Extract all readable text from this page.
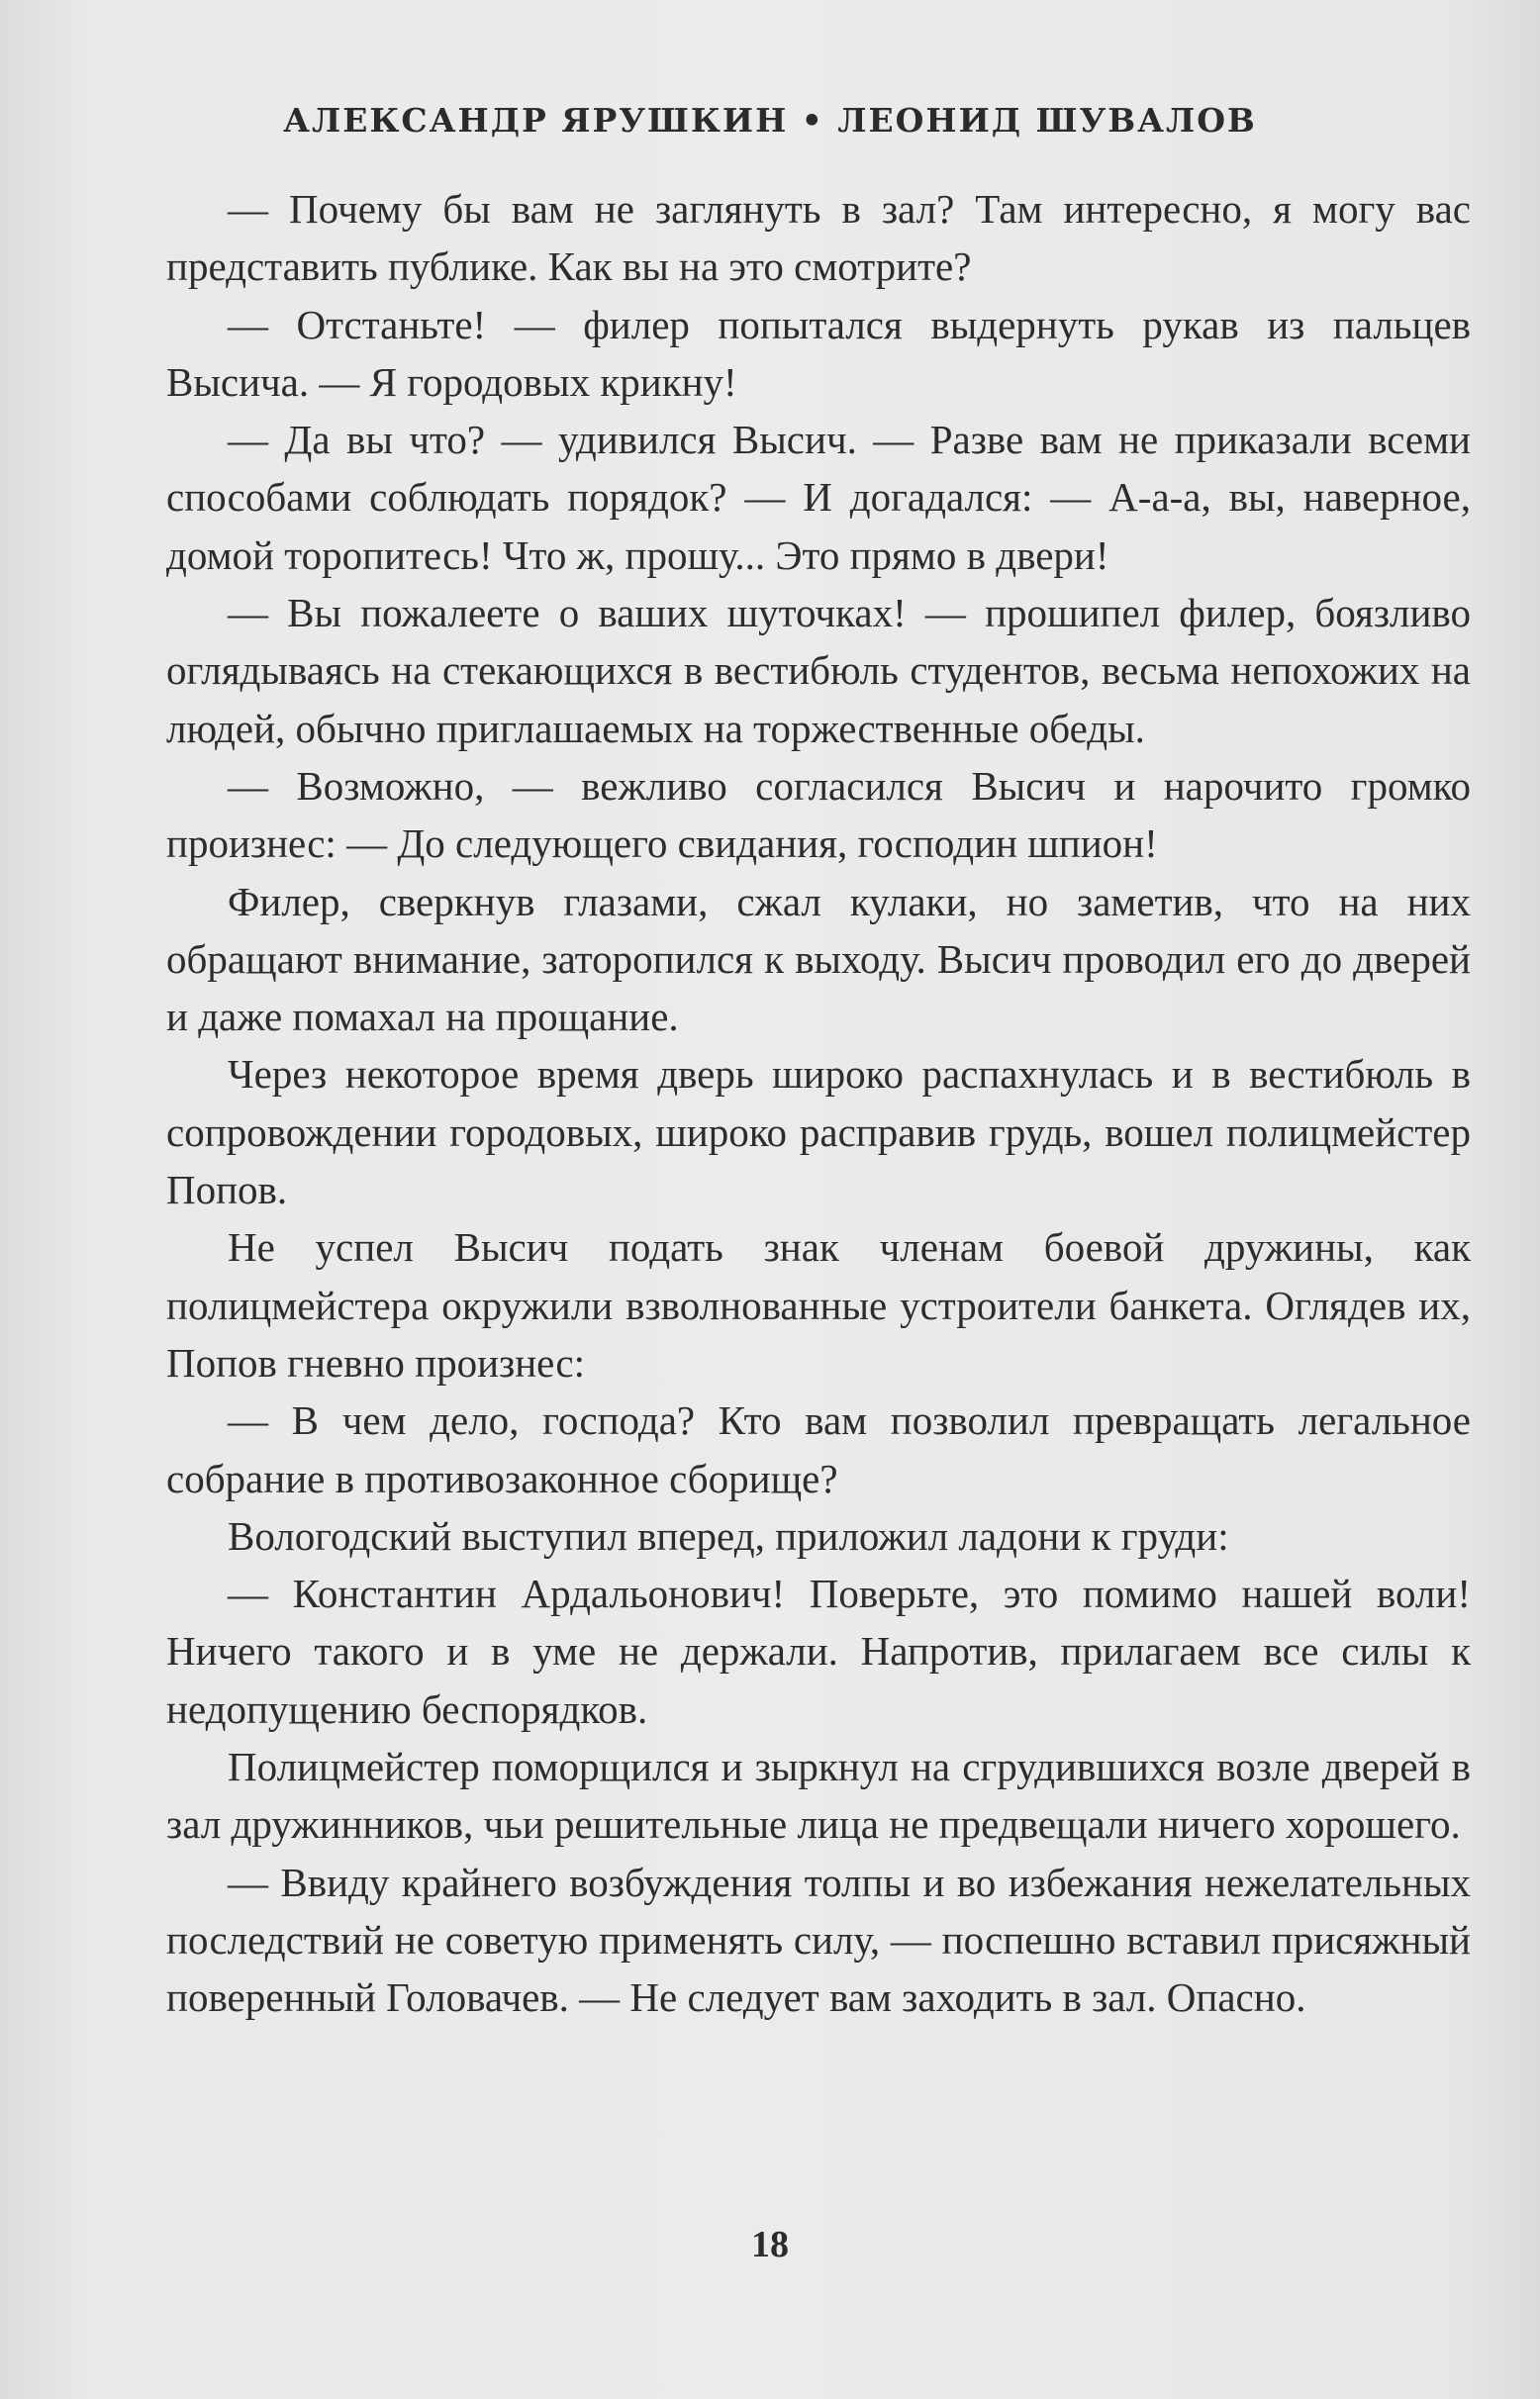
АЛЕКСАНДР ЯРУШКИН • ЛЕОНИД ШУВАЛОВ

— Почему бы вам не заглянуть в зал? Там интересно, я могу вас представить публике. Как вы на это смотрите?

— Отстаньте! — филер попытался выдернуть рукав из пальцев Высича. — Я городовых крикну!

— Да вы что? — удивился Высич. — Разве вам не приказали всеми способами соблюдать порядок? — И догадался: — А-а-а, вы, наверное, домой торопитесь! Что ж, прошу... Это прямо в двери!

— Вы пожалеете о ваших шуточках! — прошипел филер, боязливо оглядываясь на стекающихся в вестибюль студентов, весьма непохожих на людей, обычно приглашаемых на торжественные обеды.

— Возможно, — вежливо согласился Высич и нарочито громко произнес: — До следующего свидания, господин шпион!

Филер, сверкнув глазами, сжал кулаки, но заметив, что на них обращают внимание, заторопился к выходу. Высич проводил его до дверей и даже помахал на прощание.

Через некоторое время дверь широко распахнулась и в вестибюль в сопровождении городовых, широко расправив грудь, вошел полицмейстер Попов.

Не успел Высич подать знак членам боевой дружины, как полицмейстера окружили взволнованные устроители банкета. Оглядев их, Попов гневно произнес:

— В чем дело, господа? Кто вам позволил превращать легальное собрание в противозаконное сборище?

Вологодский выступил вперед, приложил ладони к груди:

— Константин Ардальонович! Поверьте, это помимо нашей воли! Ничего такого и в уме не держали. Напротив, прилагаем все силы к недопущению беспорядков.

Полицмейстер поморщился и зыркнул на сгрудившихся возле дверей в зал дружинников, чьи решительные лица не предвещали ничего хорошего.

— Ввиду крайнего возбуждения толпы и во избежания нежелательных последствий не советую применять силу, — поспешно вставил присяжный поверенный Головачев. — Не следует вам заходить в зал. Опасно.

18
